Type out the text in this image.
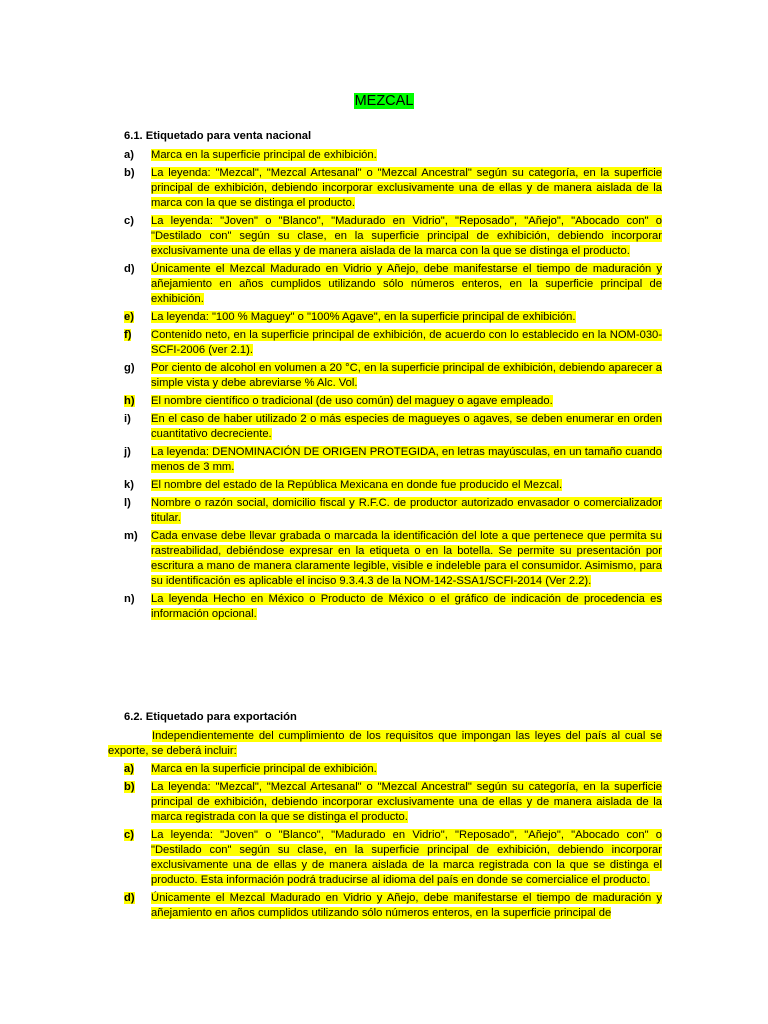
MEZCAL
6.1. Etiquetado para venta nacional
a)	Marca en la superficie principal de exhibición.
b)	La leyenda: "Mezcal", "Mezcal Artesanal" o "Mezcal Ancestral" según su categoría, en la superficie principal de exhibición, debiendo incorporar exclusivamente una de ellas y de manera aislada de la marca con la que se distinga el producto.
c)	La leyenda: "Joven" o "Blanco", "Madurado en Vidrio", "Reposado", "Añejo", "Abocado con" o "Destilado con" según su clase, en la superficie principal de exhibición, debiendo incorporar exclusivamente una de ellas y de manera aislada de la marca con la que se distinga el producto.
d)	Únicamente el Mezcal Madurado en Vidrio y Añejo, debe manifestarse el tiempo de maduración y añejamiento en años cumplidos utilizando sólo números enteros, en la superficie principal de exhibición.
e)	La leyenda: "100 % Maguey" o "100% Agave", en la superficie principal de exhibición.
f)	Contenido neto, en la superficie principal de exhibición, de acuerdo con lo establecido en la NOM-030-SCFI-2006 (ver 2.1).
g)	Por ciento de alcohol en volumen a 20 °C, en la superficie principal de exhibición, debiendo aparecer a simple vista y debe abreviarse % Alc. Vol.
h)	El nombre científico o tradicional (de uso común) del maguey o agave empleado.
i)	En el caso de haber utilizado 2 o más especies de magueyes o agaves, se deben enumerar en orden cuantitativo decreciente.
j)	La leyenda: DENOMINACIÓN DE ORIGEN PROTEGIDA, en letras mayúsculas, en un tamaño cuando menos de 3 mm.
k)	El nombre del estado de la República Mexicana en donde fue producido el Mezcal.
l)	Nombre o razón social, domicilio fiscal y R.F.C. de productor autorizado envasador o comercializador titular.
m)	Cada envase debe llevar grabada o marcada la identificación del lote a que pertenece que permita su rastreabilidad, debiéndose expresar en la etiqueta o en la botella. Se permite su presentación por escritura a mano de manera claramente legible, visible e indeleble para el consumidor. Asimismo, para su identificación es aplicable el inciso 9.3.4.3 de la NOM-142-SSA1/SCFI-2014 (Ver 2.2).
n)	La leyenda Hecho en México o Producto de México o el gráfico de indicación de procedencia es información opcional.
6.2. Etiquetado para exportación
Independientemente del cumplimiento de los requisitos que impongan las leyes del país al cual se exporte, se deberá incluir:
a)	Marca en la superficie principal de exhibición.
b)	La leyenda: "Mezcal", "Mezcal Artesanal" o "Mezcal Ancestral" según su categoría, en la superficie principal de exhibición, debiendo incorporar exclusivamente una de ellas y de manera aislada de la marca registrada con la que se distinga el producto.
c)	La leyenda: "Joven" o "Blanco", "Madurado en Vidrio", "Reposado", "Añejo", "Abocado con" o "Destilado con" según su clase, en la superficie principal de exhibición, debiendo incorporar exclusivamente una de ellas y de manera aislada de la marca registrada con la que se distinga el producto. Esta información podrá traducirse al idioma del país en donde se comercialice el producto.
d)	Únicamente el Mezcal Madurado en Vidrio y Añejo, debe manifestarse el tiempo de maduración y añejamiento en años cumplidos utilizando sólo números enteros, en la superficie principal de
